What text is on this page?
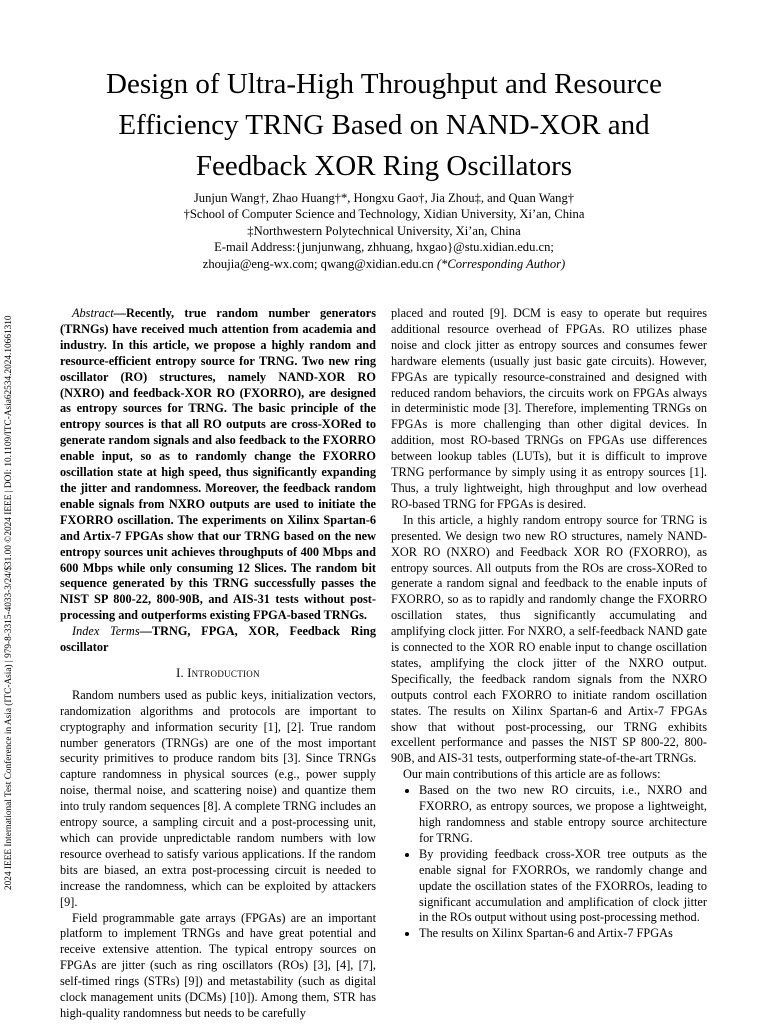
2024 IEEE International Test Conference in Asia (ITC-Asia) | 979-8-3315-4033-3/24/$31.00 ©2024 IEEE | DOI: 10.1109/ITC-Asia62534.2024.10661310
Design of Ultra-High Throughput and Resource Efficiency TRNG Based on NAND-XOR and Feedback XOR Ring Oscillators
Junjun Wang†, Zhao Huang†*, Hongxu Gao†, Jia Zhou‡, and Quan Wang†
†School of Computer Science and Technology, Xidian University, Xi’an, China
‡Northwestern Polytechnical University, Xi’an, China
E-mail Address:{junjunwang, zhhuang, hxgao}@stu.xidian.edu.cn;
zhoujia@eng-wx.com; qwang@xidian.edu.cn (*Corresponding Author)

Abstract—Recently, true random number generators (TRNGs) have received much attention from academia and industry. In this article, we propose a highly random and resource-efficient entropy source for TRNG. Two new ring oscillator (RO) structures, namely NAND-XOR RO (NXRO) and feedback-XOR RO (FXORRO), are designed as entropy sources for TRNG. The basic principle of the entropy sources is that all RO outputs are cross-XORed to generate random signals and also feedback to the FXORRO enable input, so as to randomly change the FXORRO oscillation state at high speed, thus significantly expanding the jitter and randomness. Moreover, the feedback random enable signals from NXRO outputs are used to initiate the FXORRO oscillation. The experiments on Xilinx Spartan-6 and Artix-7 FPGAs show that our TRNG based on the new entropy sources unit achieves throughputs of 400 Mbps and 600 Mbps while only consuming 12 Slices. The random bit sequence generated by this TRNG successfully passes the NIST SP 800-22, 800-90B, and AIS-31 tests without post-processing and outperforms existing FPGA-based TRNGs.

Index Terms—TRNG, FPGA, XOR, Feedback Ring oscillator

I. Introduction

Random numbers used as public keys, initialization vectors, randomization algorithms and protocols are important to cryptography and information security [1], [2]. True random number generators (TRNGs) are one of the most important security primitives to produce random bits [3]. Since TRNGs capture randomness in physical sources (e.g., power supply noise, thermal noise, and scattering noise) and quantize them into truly random sequences [8]. A complete TRNG includes an entropy source, a sampling circuit and a post-processing unit, which can provide unpredictable random numbers with low resource overhead to satisfy various applications. If the random bits are biased, an extra post-processing circuit is needed to increase the randomness, which can be exploited by attackers [9].

Field programmable gate arrays (FPGAs) are an important platform to implement TRNGs and have great potential and receive extensive attention. The typical entropy sources on FPGAs are jitter (such as ring oscillators (ROs) [3], [4], [7], self-timed rings (STRs) [9]) and metastability (such as digital clock management units (DCMs) [10]). Among them, STR has high-quality randomness but needs to be carefully

placed and routed [9]. DCM is easy to operate but requires additional resource overhead of FPGAs. RO utilizes phase noise and clock jitter as entropy sources and consumes fewer hardware elements (usually just basic gate circuits). However, FPGAs are typically resource-constrained and designed with reduced random behaviors, the circuits work on FPGAs always in deterministic mode [3]. Therefore, implementing TRNGs on FPGAs is more challenging than other digital devices. In addition, most RO-based TRNGs on FPGAs use differences between lookup tables (LUTs), but it is difficult to improve TRNG performance by simply using it as entropy sources [1]. Thus, a truly lightweight, high throughput and low overhead RO-based TRNG for FPGAs is desired.

In this article, a highly random entropy source for TRNG is presented. We design two new RO structures, namely NAND-XOR RO (NXRO) and Feedback XOR RO (FXORRO), as entropy sources. All outputs from the ROs are cross-XORed to generate a random signal and feedback to the enable inputs of FXORRO, so as to rapidly and randomly change the FXORRO oscillation states, thus significantly accumulating and amplifying clock jitter. For NXRO, a self-feedback NAND gate is connected to the XOR RO enable input to change oscillation states, amplifying the clock jitter of the NXRO output. Specifically, the feedback random signals from the NXRO outputs control each FXORRO to initiate random oscillation states. The results on Xilinx Spartan-6 and Artix-7 FPGAs show that without post-processing, our TRNG exhibits excellent performance and passes the NIST SP 800-22, 800-90B, and AIS-31 tests, outperforming state-of-the-art TRNGs.

Our main contributions of this article are as follows:

• Based on the two new RO circuits, i.e., NXRO and FXORRO, as entropy sources, we propose a lightweight, high randomness and stable entropy source architecture for TRNG.
• By providing feedback cross-XOR tree outputs as the enable signal for FXORROs, we randomly change and update the oscillation states of the FXORROs, leading to significant accumulation and amplification of clock jitter in the ROs output without using post-processing method.
• The results on Xilinx Spartan-6 and Artix-7 FPGAs
